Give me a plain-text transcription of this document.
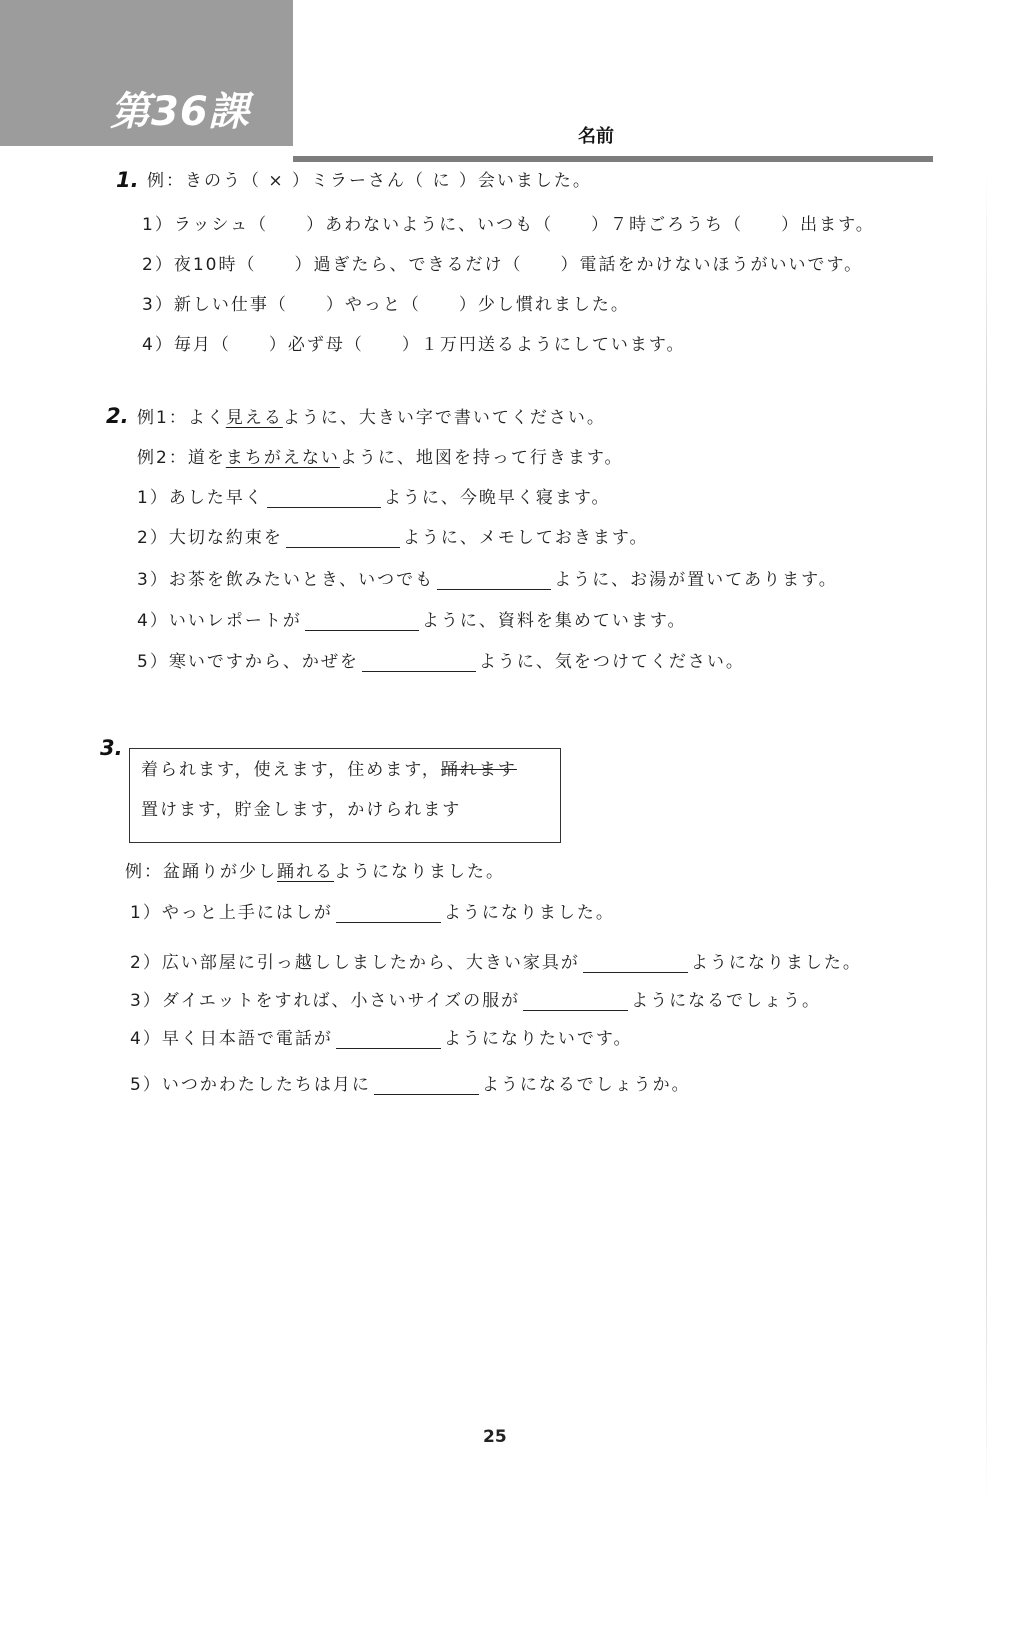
第36課
名前
1. 例：きのう（ × ）ミラーさん（ に ）会いました。
1）ラッシュ（　　）あわないように、いつも（　　）７時ごろうち（　　）出ます。
2）夜10時（　　）過ぎたら、できるだけ（　　）電話をかけないほうがいいです。
3）新しい仕事（　　）やっと（　　）少し慣れました。
4）毎月（　　）必ず母（　　）１万円送るようにしています。
2. 例1：よく見えるように、大きい字で書いてください。
例2：道をまちがえないように、地図を持って行きます。
1）あした早く	ように、今晩早く寝ます。
2）大切な約束を	ように、メモしておきます。
3）お茶を飲みたいとき、いつでも	ように、お湯が置いてあります。
4）いいレポートが	ように、資料を集めています。
5）寒いですから、かぜを	ように、気をつけてください。
3.
着られます，使えます，住めます，踊れます
置けます，貯金します，かけられます
例：盆踊りが少し踊れるようになりました。
1）やっと上手にはしが	ようになりました。
2）広い部屋に引っ越ししましたから、大きい家具が	ようになりました。
3）ダイエットをすれば、小さいサイズの服が	ようになるでしょう。
4）早く日本語で電話が	ようになりたいです。
5）いつかわたしたちは月に	ようになるでしょうか。
25
